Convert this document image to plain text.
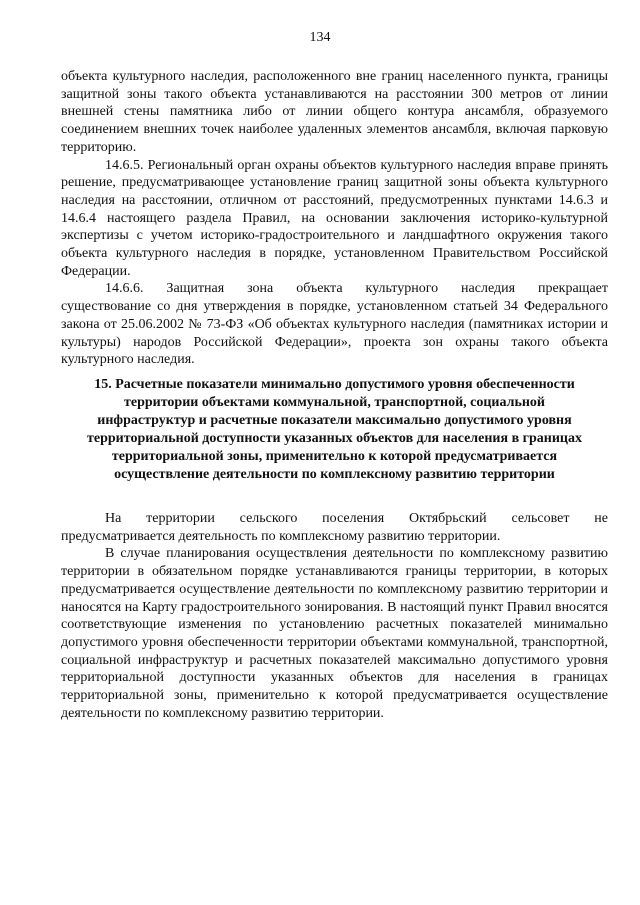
134

объекта культурного наследия, расположенного вне границ населенного пункта, границы защитной зоны такого объекта устанавливаются на расстоянии 300 метров от линии внешней стены памятника либо от линии общего контура ансамбля, образуемого соединением внешних точек наиболее удаленных элементов ансамбля, включая парковую территорию.

14.6.5. Региональный орган охраны объектов культурного наследия вправе принять решение, предусматривающее установление границ защитной зоны объекта культурного наследия на расстоянии, отличном от расстояний, предусмотренных пунктами 14.6.3 и 14.6.4 настоящего раздела Правил, на основании заключения историко-культурной экспертизы с учетом историко-градостроительного и ландшафтного окружения такого объекта культурного наследия в порядке, установленном Правительством Российской Федерации.

14.6.6. Защитная зона объекта культурного наследия прекращает

существование со дня утверждения в порядке, установленном статьей 34 Федерального закона от 25.06.2002 № 73-ФЗ «Об объектах культурного наследия (памятниках истории и культуры) народов Российской Федерации», проекта зон охраны такого объекта культурного наследия.

15. Расчетные показатели минимально допустимого уровня обеспеченности
территории объектами коммунальной, транспортной, социальной
инфраструктур и расчетные показатели максимально допустимого уровня
территориальной доступности указанных объектов для населения в границах
территориальной зоны, применительно к которой предусматривается
осуществление деятельности по комплексному развитию территории
На территории сельского поселения Октябрьский сельсовет не

предусматривается деятельность по комплексному развитию территории.

В случае планирования осуществления деятельности по комплексному развитию территории в обязательном порядке устанавливаются границы территории, в которых предусматривается осуществление деятельности по комплексному развитию территории и наносятся на Карту градостроительного зонирования. В настоящий пункт Правил вносятся соответствующие изменения по установлению расчетных показателей минимально допустимого уровня обеспеченности территории объектами коммунальной, транспортной, социальной инфраструктур и расчетных показателей максимально допустимого уровня территориальной доступности указанных объектов для населения в границах территориальной зоны, применительно к которой предусматривается осуществление деятельности по комплексному развитию территории.
